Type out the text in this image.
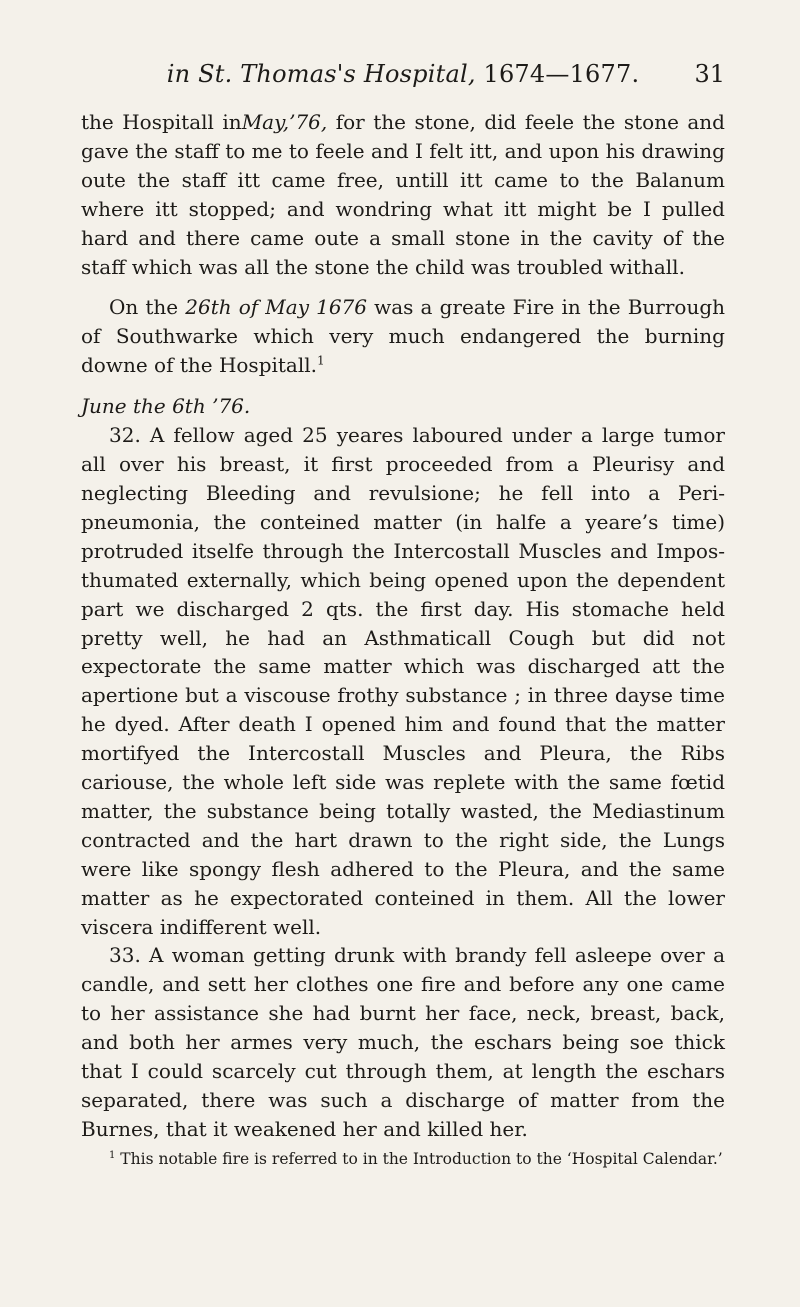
in St. Thomas's Hospital, 1674—1677.	31

the Hospitall inMay,’76, for the stone, did feele the stone and gave the staff to me to feele and I felt itt, and upon his drawing oute the staff itt came free, untill itt came to the Balanum where itt stopped; and wondring what itt might be I pulled hard and there came oute a small stone in the cavity of the staff which was all the stone the child was troubled withall.

On the 26th of May 1676 was a greate Fire in the Burrough of Southwarke which very much endangered the burning downe of the Hospitall.$^1$

June the 6th ’76.

32. A fellow aged 25 yeares laboured under a large tumor all over his breast, it first proceeded from a Pleurisy and neglecting Bleeding and revulsione; he fell into a Peri-pneumonia, the conteined matter (in halfe a yeare’s time) protruded itselfe through the Intercostall Muscles and Impos-thumated externally, which being opened upon the dependent part we discharged 2 qts. the first day. His stomache held pretty well, he had an Asthmaticall Cough but did not expectorate the same matter which was discharged att the apertione but a viscouse frothy substance ; in three dayse time he dyed. After death I opened him and found that the matter mortifyed the Intercostall Muscles and Pleura, the Ribs cariouse, the whole left side was replete with the same fœtid matter, the substance being totally wasted, the Mediastinum contracted and the hart drawn to the right side, the Lungs were like spongy flesh adhered to the Pleura, and the same matter as he expectorated conteined in them. All the lower viscera indifferent well.

33. A woman getting drunk with brandy fell asleepe over a candle, and sett her clothes one fire and before any one came to her assistance she had burnt her face, neck, breast, back, and both her armes very much, the eschars being soe thick that I could scarcely cut through them, at length the eschars separated, there was such a discharge of matter from the Burnes, that it weakened her and killed her.

$^1$ This notable fire is referred to in the Introduction to the ‘Hospital Calendar.’
